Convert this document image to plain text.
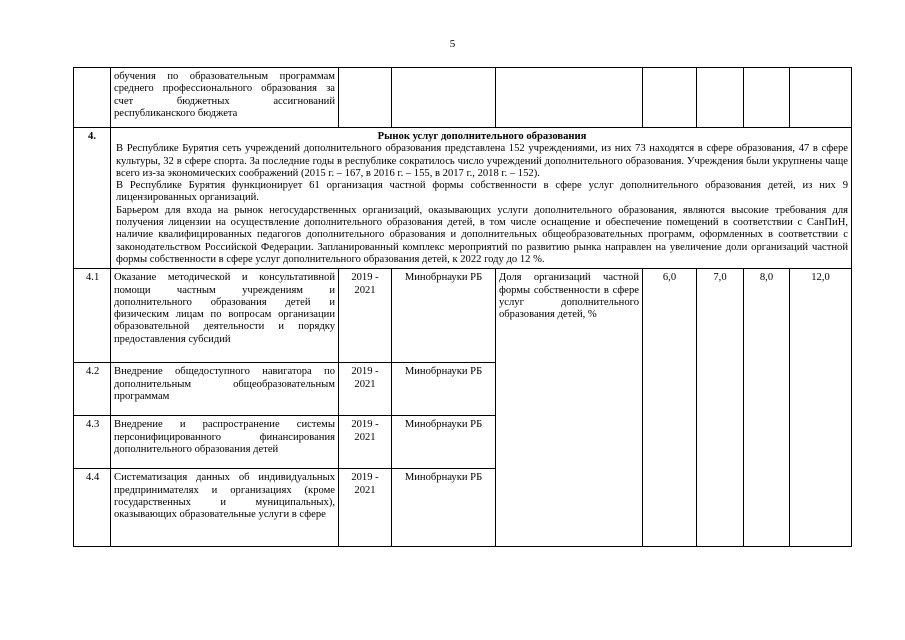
5
	обучения по образовательным программам среднего профессионального образования за счет бюджетных ассигнований республиканского бюджета							
4.	Рынок услуг дополнительного образования

В Республике Бурятия сеть учреждений дополнительного образования представлена 152 учреждениями, из них 73 находятся в сфере образования, 47 в сфере культуры, 32 в сфере спорта. За последние годы в республике сократилось число учреждений дополнительного образования. Учреждения были укрупнены чаще всего из-за экономических соображений (2015 г. – 167, в 2016 г. – 155, в 2017 г., 2018 г. – 152).

В Республике Бурятия функционирует 61 организация частной формы собственности в сфере услуг дополнительного образования детей, из них 9 лицензированных организаций.

Барьером для входа на рынок негосударственных организаций, оказывающих услуги дополнительного образования, являются высокие требования для получения лицензии на осуществление дополнительного образования детей, в том числе оснащение и обеспечение помещений в соответствии с СанПиН, наличие квалифицированных педагогов дополнительного образования и дополнительных общеобразовательных программ, оформленных в соответствии с законодательством Российской Федерации. Запланированный комплекс мероприятий по развитию рынка направлен на увеличение доли организаций частной формы собственности в сфере услуг дополнительного образования детей, к 2022 году до 12 %.							

4.1	Оказание методической и консультативной помощи частным учреждениям и дополнительного образования детей и физическим лицам по вопросам организации образовательной деятельности и порядку предоставления субсидий	2019 - 2021	Минобрнауки РБ	Доля организаций частной формы собственности в сфере услуг дополнительного образования детей, %	6,0	7,0	8,0	12,0
4.2	Внедрение общедоступного навигатора по дополнительным общеобразовательным программам	2019 - 2021	Минобрнауки РБ					
4.3	Внедрение и распространение системы персонифицированного финансирования дополнительного образования детей	2019 - 2021	Минобрнауки РБ					
4.4	Систематизация данных об индивидуальных предпринимателях и организациях (кроме государственных и муниципальных), оказывающих образовательные услуги в сфере	2019 - 2021	Минобрнауки РБ					
